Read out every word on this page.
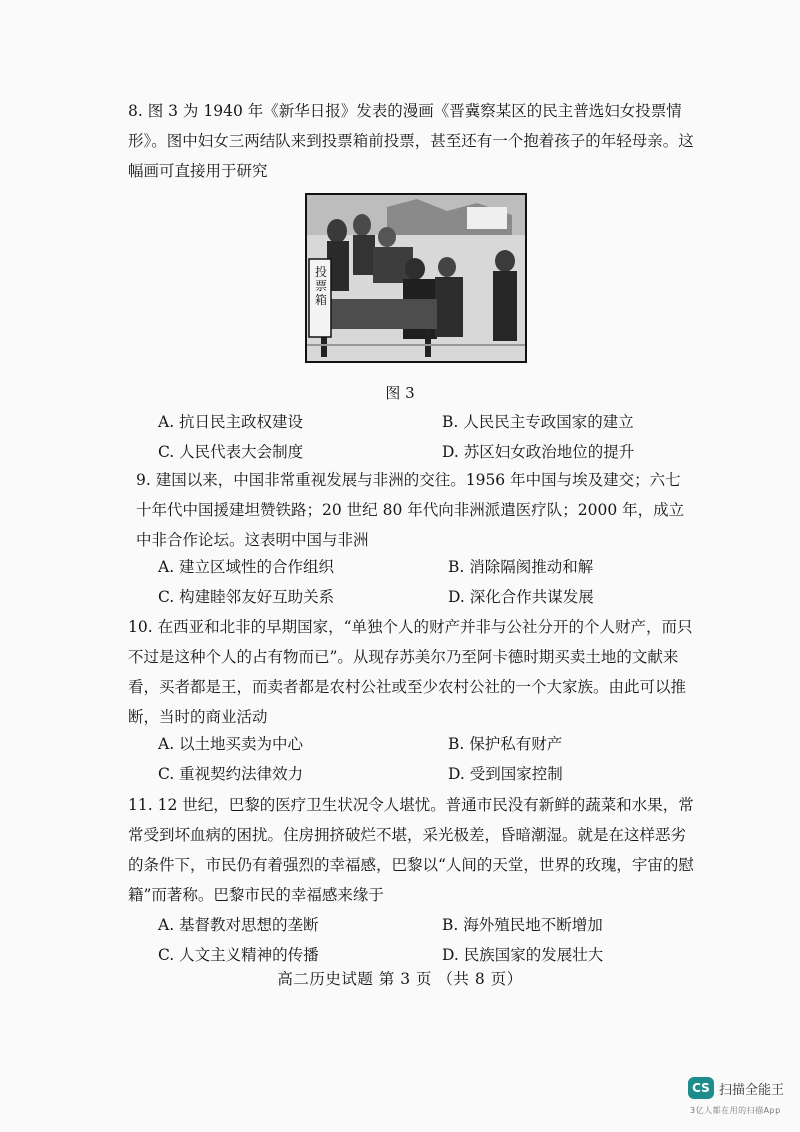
8. 图 3 为 1940 年《新华日报》发表的漫画《晋冀察某区的民主普选妇女投票情形》。图中妇女三两结队来到投票箱前投票，甚至还有一个抱着孩子的年轻母亲。这幅画可直接用于研究

投票箱
图 3
A. 抗日民主政权建设	B. 人民民主专政国家的建立
C. 人民代表大会制度	D. 苏区妇女政治地位的提升

9. 建国以来，中国非常重视发展与非洲的交往。1956 年中国与埃及建交；六七十年代中国援建坦赞铁路；20 世纪 80 年代向非洲派遣医疗队；2000 年，成立中非合作论坛。这表明中国与非洲

A. 建立区域性的合作组织	B. 消除隔阂推动和解
C. 构建睦邻友好互助关系	D. 深化合作共谋发展

10. 在西亚和北非的早期国家，“单独个人的财产并非与公社分开的个人财产，而只不过是这种个人的占有物而已”。从现存苏美尔乃至阿卡德时期买卖土地的文献来看，买者都是王，而卖者都是农村公社或至少农村公社的一个大家族。由此可以推断，当时的商业活动

A. 以土地买卖为中心	B. 保护私有财产
C. 重视契约法律效力	D. 受到国家控制

11. 12 世纪，巴黎的医疗卫生状况令人堪忧。普通市民没有新鲜的蔬菜和水果，常常受到坏血病的困扰。住房拥挤破烂不堪，采光极差，昏暗潮湿。就是在这样恶劣的条件下，市民仍有着强烈的幸福感，巴黎以“人间的天堂，世界的玫瑰，宇宙的慰籍”而著称。巴黎市民的幸福感来缘于

A. 基督教对思想的垄断	B. 海外殖民地不断增加
C. 人文主义精神的传播	D. 民族国家的发展壮大
高二历史试题 第 3 页 （共 8 页）
CS 扫描全能王
3亿人都在用的扫描App
